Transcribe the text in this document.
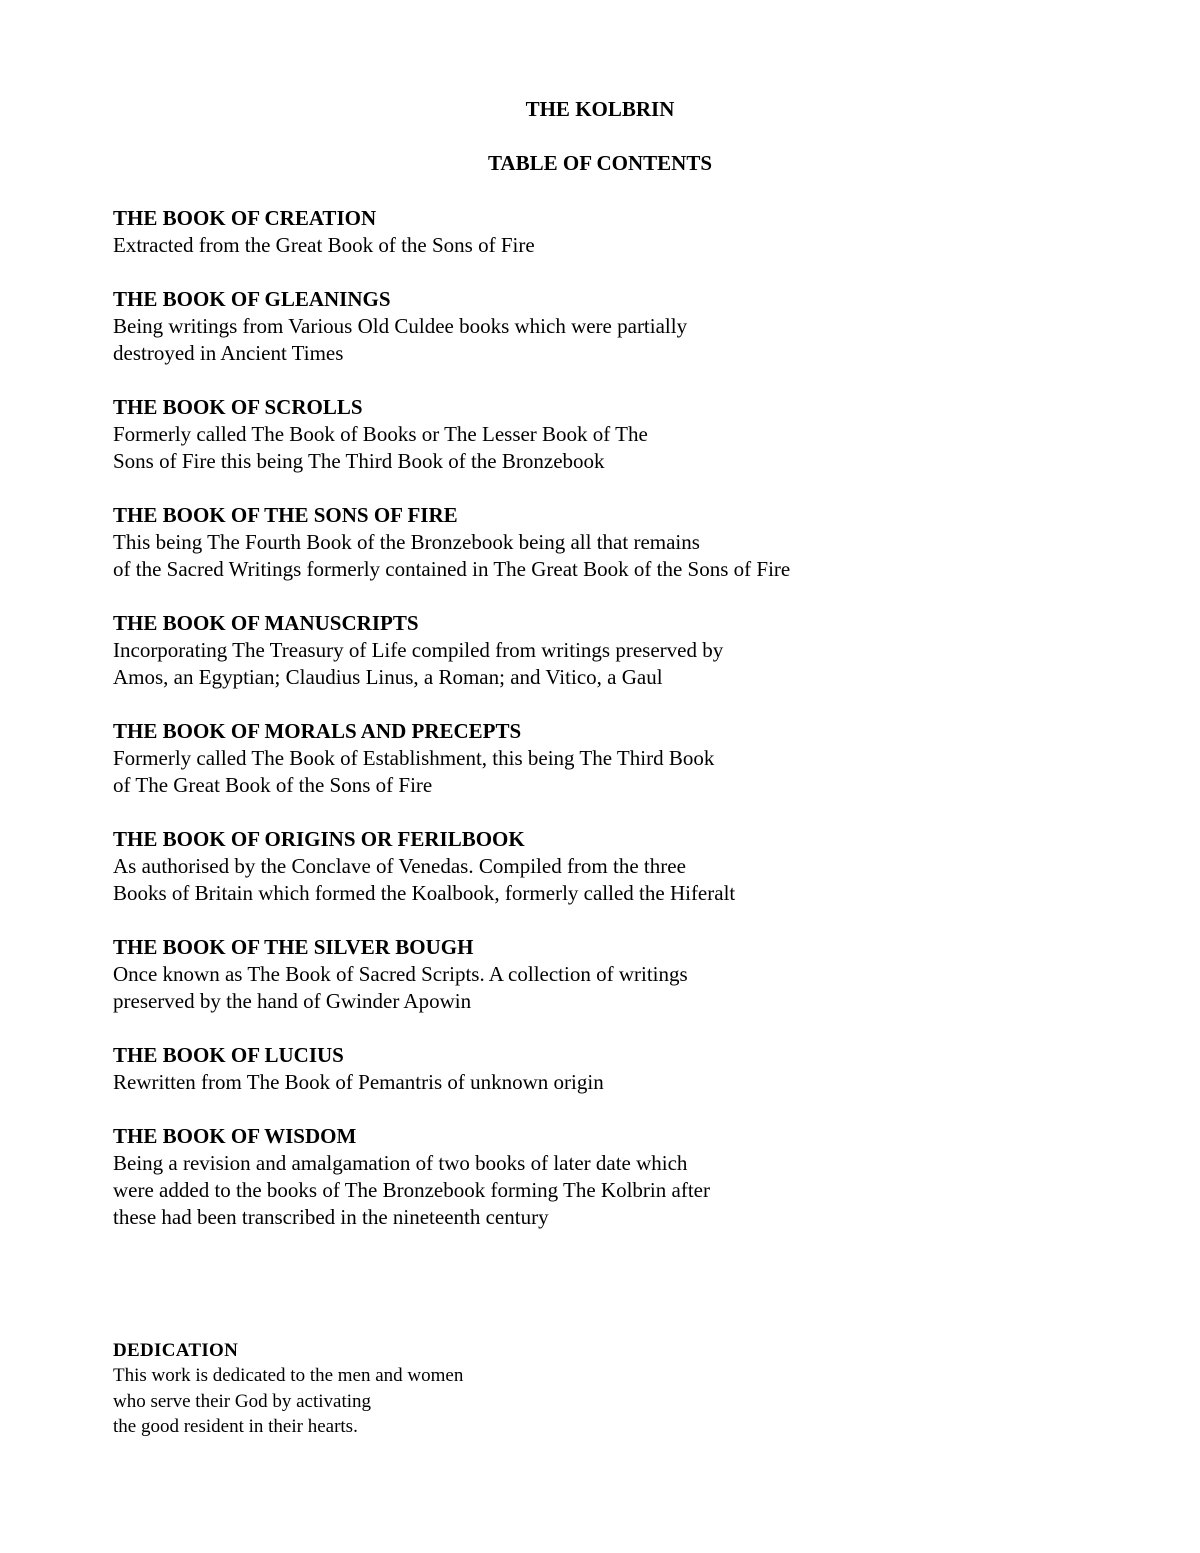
THE KOLBRIN
TABLE OF CONTENTS
THE BOOK OF CREATION
Extracted from the Great Book of the Sons of Fire
THE BOOK OF GLEANINGS
Being writings from Various Old Culdee books which were partially
destroyed in Ancient Times
THE BOOK OF SCROLLS
Formerly called The Book of Books or The Lesser Book of The
Sons of Fire this being The Third Book of the Bronzebook
THE BOOK OF THE SONS OF FIRE
This being The Fourth Book of the Bronzebook being all that remains
of the Sacred Writings formerly contained in The Great Book of the Sons of Fire
THE BOOK OF MANUSCRIPTS
Incorporating The Treasury of Life compiled from writings preserved by
Amos, an Egyptian; Claudius Linus, a Roman; and Vitico, a Gaul
THE BOOK OF MORALS AND PRECEPTS
Formerly called The Book of Establishment, this being The Third Book
of The Great Book of the Sons of Fire
THE BOOK OF ORIGINS OR FERILBOOK
As authorised by the Conclave of Venedas. Compiled from the three
Books of Britain which formed the Koalbook, formerly called the Hiferalt
THE BOOK OF THE SILVER BOUGH
Once known as The Book of Sacred Scripts. A collection of writings
preserved by the hand of Gwinder Apowin
THE BOOK OF LUCIUS
Rewritten from The Book of Pemantris of unknown origin
THE BOOK OF WISDOM
Being a revision and amalgamation of two books of later date which
were added to the books of The Bronzebook forming The Kolbrin after
these had been transcribed in the nineteenth century
DEDICATION
This work is dedicated to the men and women
who serve their God by activating
the good resident in their hearts.
